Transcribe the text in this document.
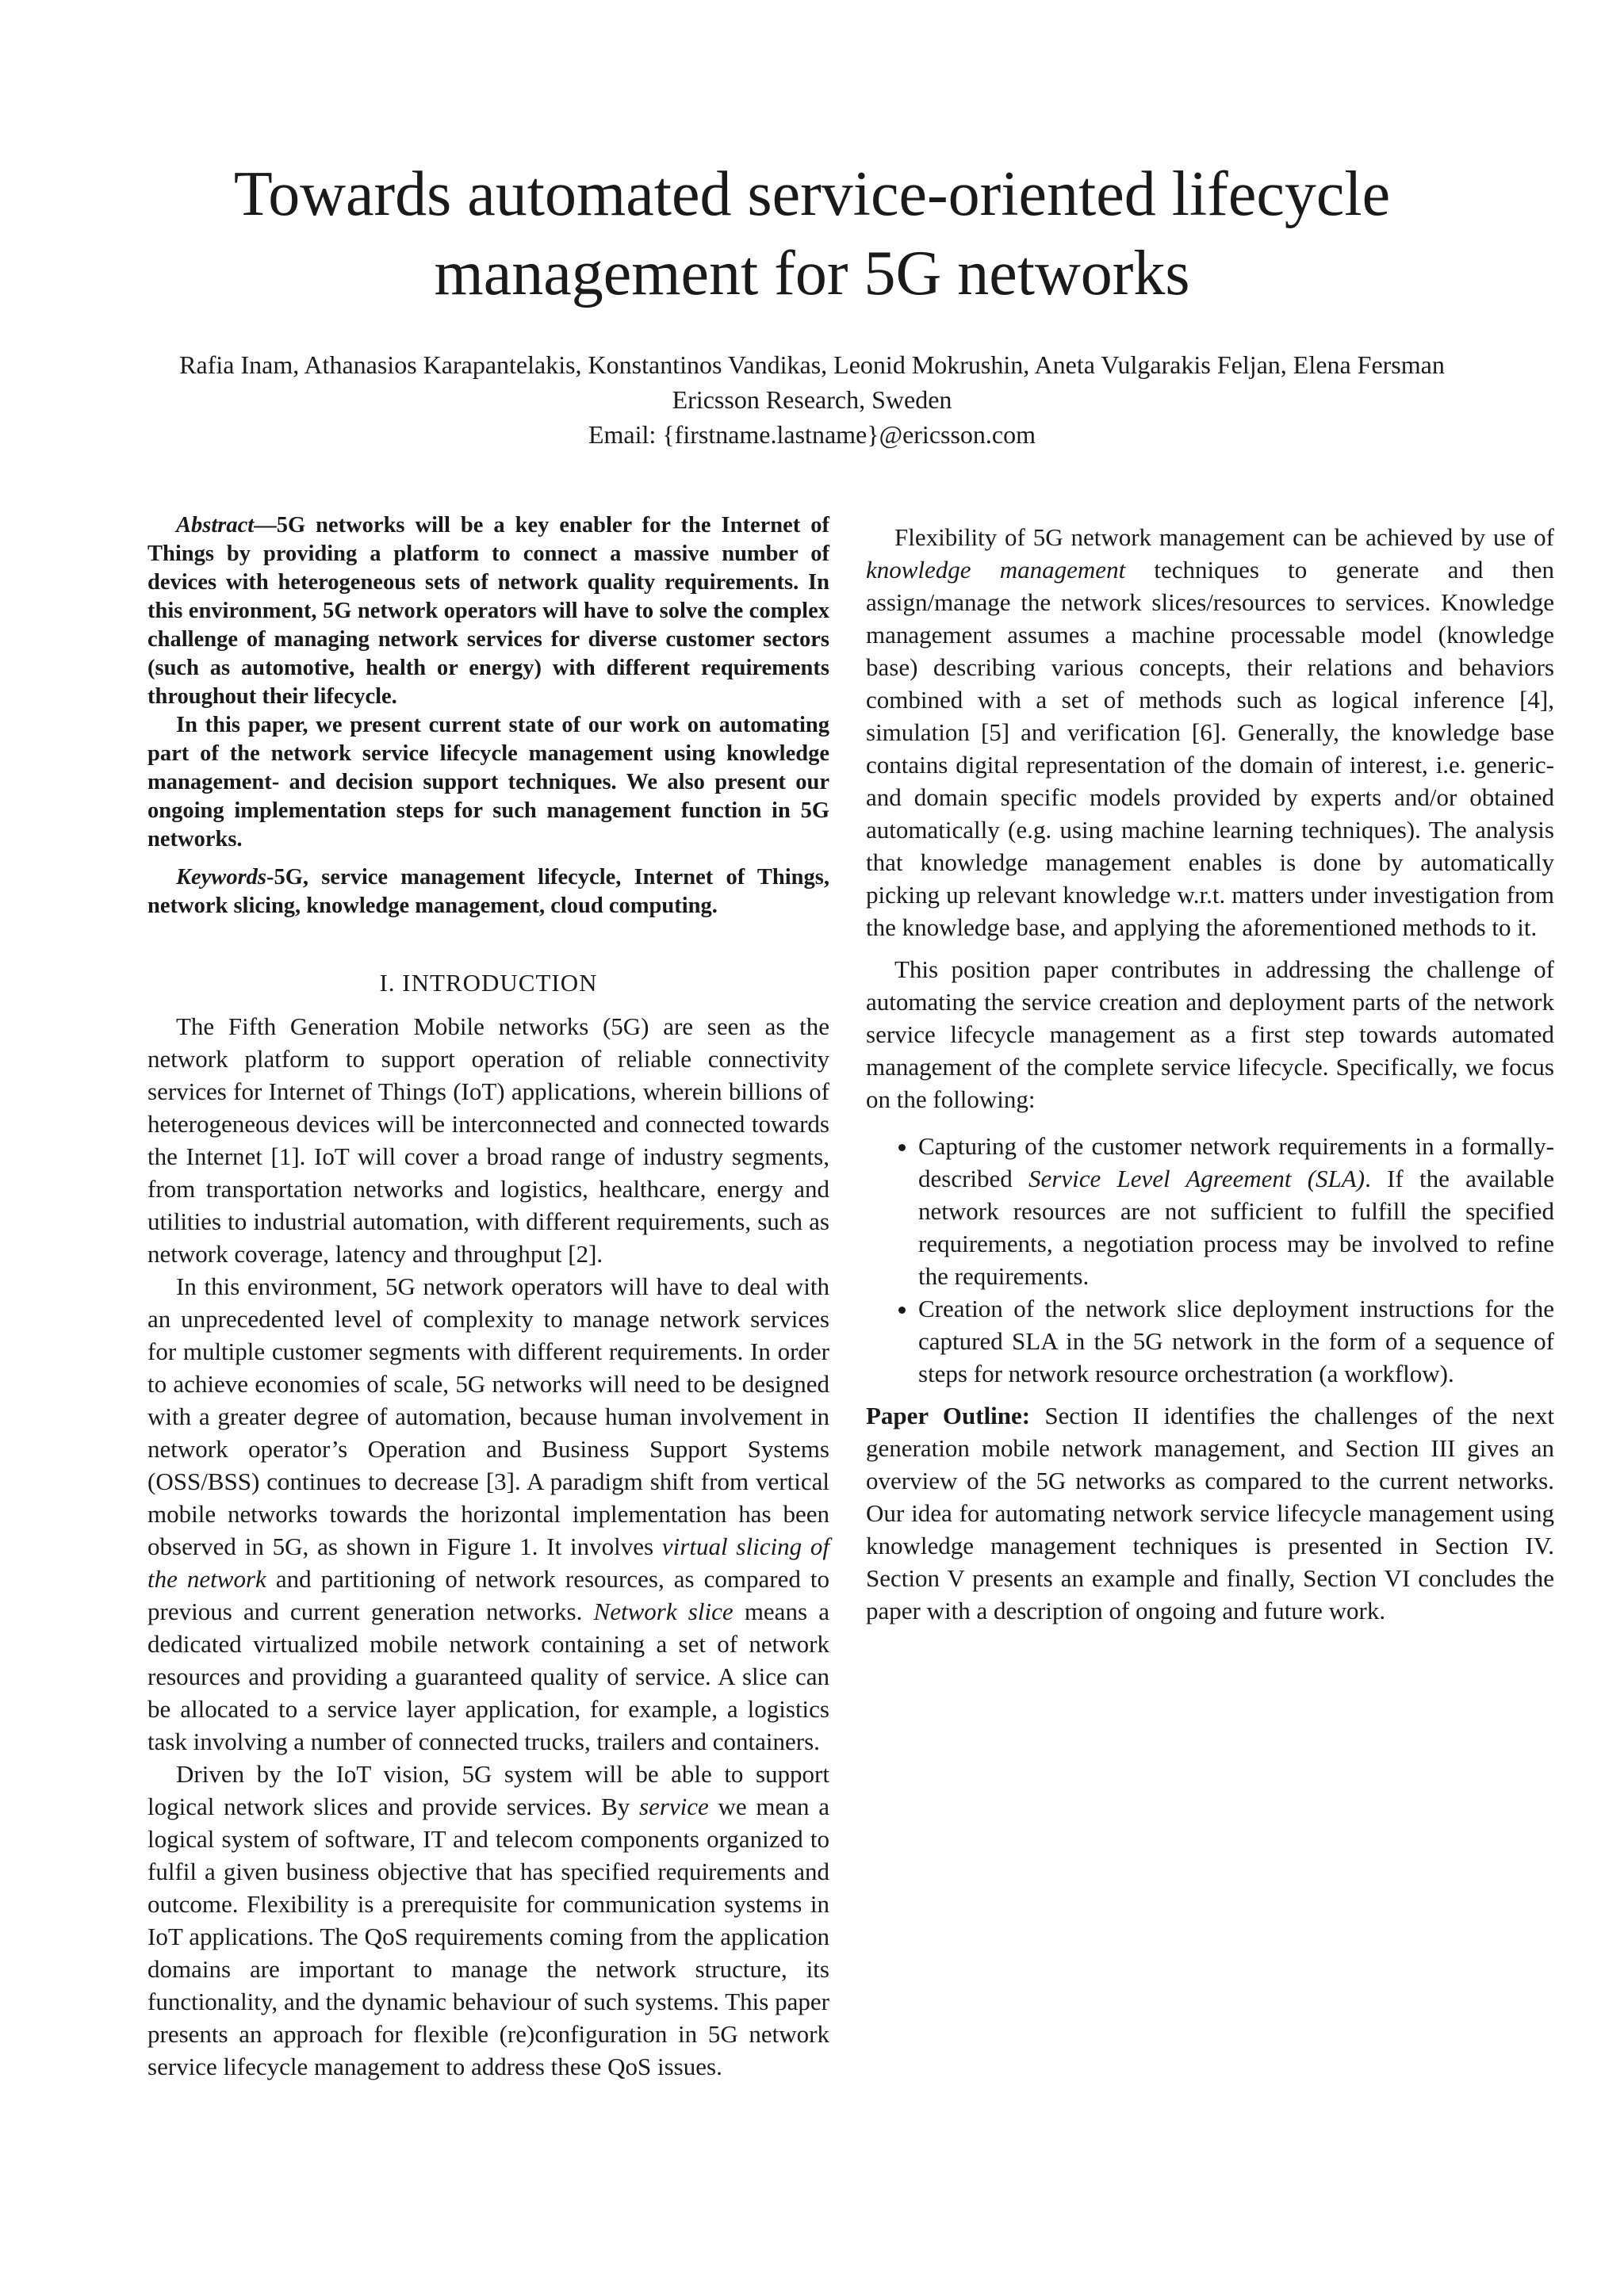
Towards automated service-oriented lifecycle
management for 5G networks
Rafia Inam, Athanasios Karapantelakis, Konstantinos Vandikas, Leonid Mokrushin, Aneta Vulgarakis Feljan, Elena Fersman
Ericsson Research, Sweden
Email: {firstname.lastname}@ericsson.com

Abstract—5G networks will be a key enabler for the Internet of Things by providing a platform to connect a massive number of devices with heterogeneous sets of network quality requirements. In this environment, 5G network operators will have to solve the complex challenge of managing network services for diverse customer sectors (such as automotive, health or energy) with different requirements throughout their lifecycle.

In this paper, we present current state of our work on automating part of the network service lifecycle management using knowledge management- and decision support techniques. We also present our ongoing implementation steps for such management function in 5G networks.

Keywords-5G, service management lifecycle, Internet of Things, network slicing, knowledge management, cloud computing.

I. INTRODUCTION

The Fifth Generation Mobile networks (5G) are seen as the network platform to support operation of reliable connectivity services for Internet of Things (IoT) applications, wherein billions of heterogeneous devices will be interconnected and connected towards the Internet [1]. IoT will cover a broad range of industry segments, from transportation networks and logistics, healthcare, energy and utilities to industrial automation, with different requirements, such as network coverage, latency and throughput [2].

In this environment, 5G network operators will have to deal with an unprecedented level of complexity to manage network services for multiple customer segments with different requirements. In order to achieve economies of scale, 5G networks will need to be designed with a greater degree of automation, because human involvement in network operator’s Operation and Business Support Systems (OSS/BSS) continues to decrease [3]. A paradigm shift from vertical mobile networks towards the horizontal implementation has been observed in 5G, as shown in Figure 1. It involves virtual slicing of the network and partitioning of network resources, as compared to previous and current generation networks. Network slice means a dedicated virtualized mobile network containing a set of network resources and providing a guaranteed quality of service. A slice can be allocated to a service layer application, for example, a logistics task involving a number of connected trucks, trailers and containers.

Driven by the IoT vision, 5G system will be able to support logical network slices and provide services. By service we mean a logical system of software, IT and telecom components organized to fulfil a given business objective that has specified requirements and outcome. Flexibility is a prerequisite for communication systems in IoT applications. The QoS requirements coming from the application domains are important to manage the network structure, its functionality, and the dynamic behaviour of such systems. This paper presents an approach for flexible (re)configuration in 5G network service lifecycle management to address these QoS issues.

Flexibility of 5G network management can be achieved by use of knowledge management techniques to generate and then assign/manage the network slices/resources to services. Knowledge management assumes a machine processable model (knowledge base) describing various concepts, their relations and behaviors combined with a set of methods such as logical inference [4], simulation [5] and verification [6]. Generally, the knowledge base contains digital representation of the domain of interest, i.e. generic- and domain specific models provided by experts and/or obtained automatically (e.g. using machine learning techniques). The analysis that knowledge management enables is done by automatically picking up relevant knowledge w.r.t. matters under investigation from the knowledge base, and applying the aforementioned methods to it.

This position paper contributes in addressing the challenge of automating the service creation and deployment parts of the network service lifecycle management as a first step towards automated management of the complete service lifecycle. Specifically, we focus on the following:

• Capturing of the customer network requirements in a formally-described Service Level Agreement (SLA). If the available network resources are not sufficient to fulfill the specified requirements, a negotiation process may be involved to refine the requirements.
• Creation of the network slice deployment instructions for the captured SLA in the 5G network in the form of a sequence of steps for network resource orchestration (a workflow).

Paper Outline: Section II identifies the challenges of the next generation mobile network management, and Section III gives an overview of the 5G networks as compared to the current networks. Our idea for automating network service lifecycle management using knowledge management techniques is presented in Section IV. Section V presents an example and finally, Section VI concludes the paper with a description of ongoing and future work.
